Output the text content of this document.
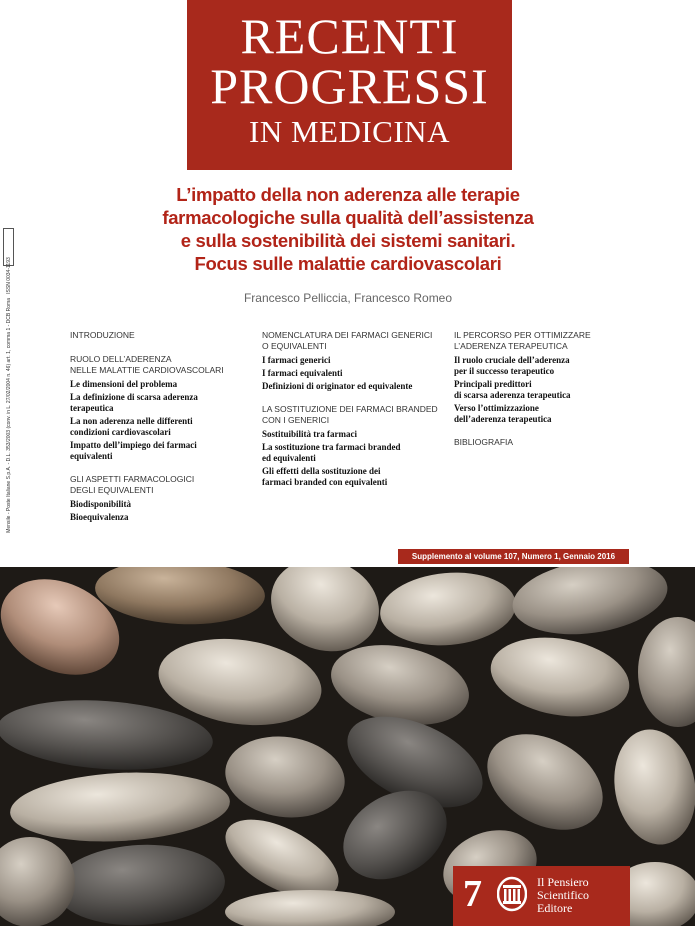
RECENTI
PROGRESSI
IN MEDICINA
Mensile - Poste Italiane S.p.A. - D.L. 353/2003 (conv. in L. 27/02/2004 n. 46) art. 1, comma 1 - DCB Roma   ISSN 0034-1193
L’impatto della non aderenza alle terapie
farmacologiche sulla qualità dell’assistenza
e sulla sostenibilità dei sistemi sanitari.
Focus sulle malattie cardiovascolari
Francesco Pelliccia, Francesco Romeo
INTRODUZIONE
RUOLO DELL’ADERENZA
NELLE MALATTIE CARDIOVASCOLARI
Le dimensioni del problema
La definizione di scarsa aderenza
terapeutica
La non aderenza nelle differenti
condizioni cardiovascolari
Impatto dell’impiego dei farmaci
equivalenti
GLI ASPETTI FARMACOLOGICI
DEGLI EQUIVALENTI
Biodisponibilità
Bioequivalenza
NOMENCLATURA DEI FARMACI GENERICI
O EQUIVALENTI
I farmaci generici
I farmaci equivalenti
Definizioni di originator ed equivalente
LA SOSTITUZIONE DEI FARMACI BRANDED
CON I GENERICI
Sostituibilità tra farmaci
La sostituzione tra farmaci branded
ed equivalenti
Gli effetti della sostituzione dei
farmaci branded con equivalenti
IL PERCORSO PER OTTIMIZZARE
L’ADERENZA TERAPEUTICA
Il ruolo cruciale dell’aderenza
per il successo terapeutico
Principali predittori
di scarsa aderenza terapeutica
Verso l’ottimizzazione
dell’aderenza terapeutica
BIBLIOGRAFIA
Supplemento al volume 107, Numero 1, Gennaio 2016
7	Il Pensiero
Scientifico
Editore
